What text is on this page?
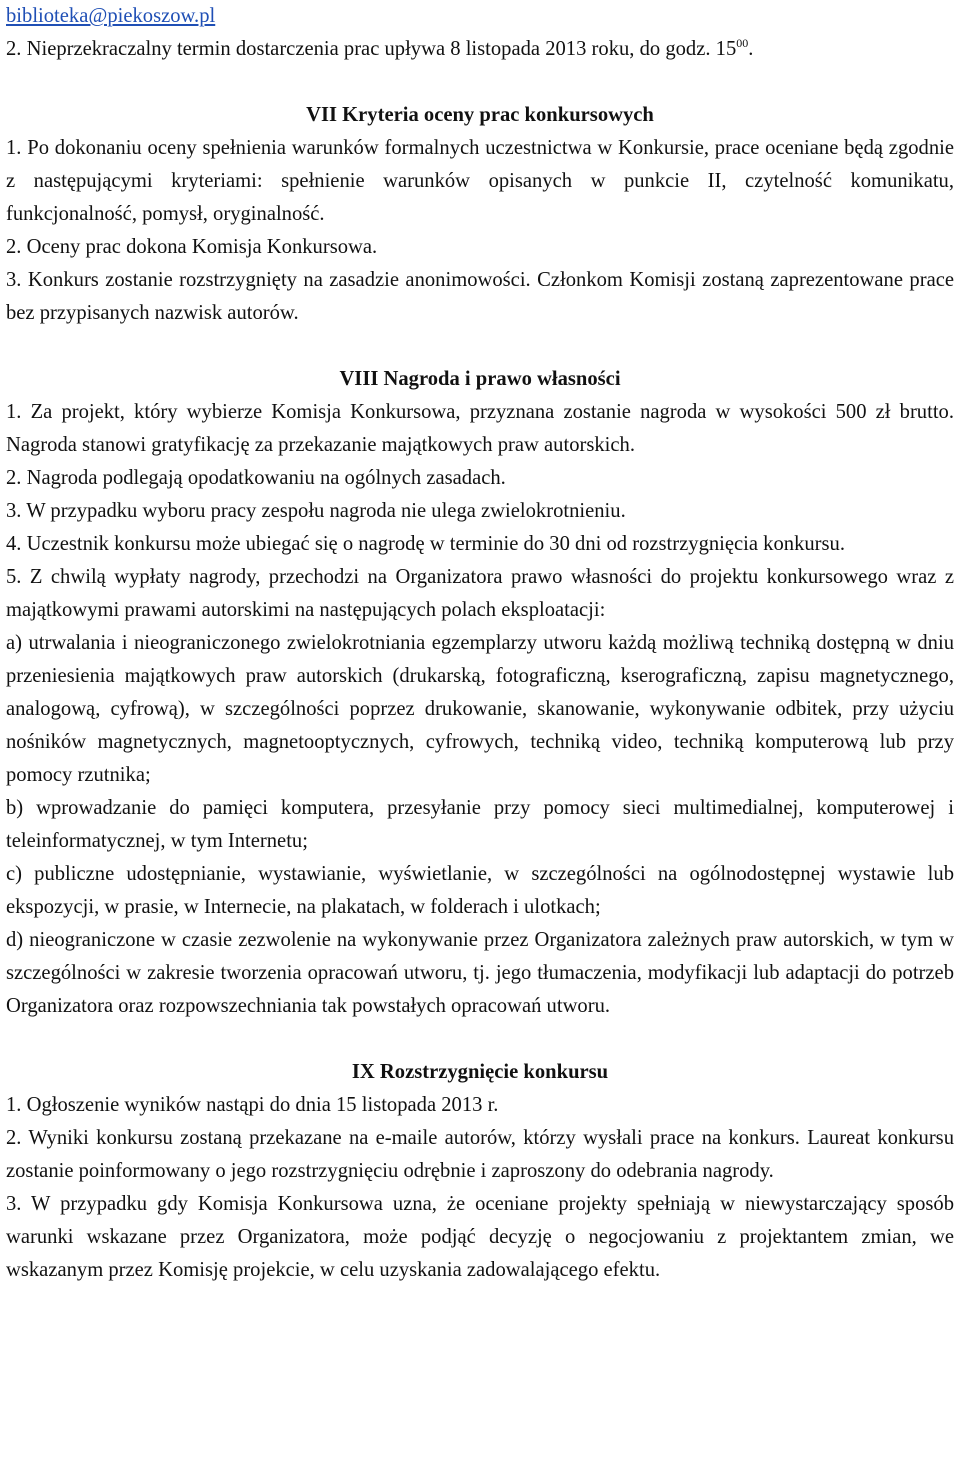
biblioteka@piekoszow.pl

2. Nieprzekraczalny termin dostarczenia prac upływa 8 listopada 2013 roku, do godz. $15^{00}$.

VII Kryteria oceny prac konkursowych

1. Po dokonaniu oceny spełnienia warunków formalnych uczestnictwa w Konkursie, prace oceniane będą zgodnie z następującymi kryteriami: spełnienie warunków opisanych w punkcie II, czytelność komunikatu, funkcjonalność, pomysł, oryginalność.

2. Oceny prac dokona Komisja Konkursowa.

3. Konkurs zostanie rozstrzygnięty na zasadzie anonimowości. Członkom Komisji zostaną zaprezentowane prace bez przypisanych nazwisk autorów.

VIII Nagroda i prawo własności

1. Za projekt, który wybierze Komisja Konkursowa, przyznana zostanie nagroda w wysokości 500 zł brutto. Nagroda stanowi gratyfikację za przekazanie majątkowych praw autorskich.

2. Nagroda podlegają opodatkowaniu na ogólnych zasadach.

3. W przypadku wyboru pracy zespołu nagroda nie ulega zwielokrotnieniu.

4. Uczestnik konkursu może ubiegać się o nagrodę w terminie do 30 dni od rozstrzygnięcia konkursu.

5. Z chwilą wypłaty nagrody, przechodzi na Organizatora prawo własności do projektu konkursowego wraz z majątkowymi prawami autorskimi na następujących polach eksploatacji:

a) utrwalania i nieograniczonego zwielokrotniania egzemplarzy utworu każdą możliwą techniką dostępną w dniu przeniesienia majątkowych praw autorskich (drukarską, fotograficzną, kserograficzną, zapisu magnetycznego, analogową, cyfrową), w szczególności poprzez drukowanie, skanowanie, wykonywanie odbitek, przy użyciu nośników magnetycznych, magnetooptycznych, cyfrowych, techniką video, techniką komputerową lub przy pomocy rzutnika;

b) wprowadzanie do pamięci komputera, przesyłanie przy pomocy sieci multimedialnej, komputerowej i teleinformatycznej, w tym Internetu;

c) publiczne udostępnianie, wystawianie, wyświetlanie, w szczególności na ogólnodostępnej wystawie lub ekspozycji, w prasie, w Internecie, na plakatach, w folderach i ulotkach;

d) nieograniczone w czasie zezwolenie na wykonywanie przez Organizatora zależnych praw autorskich, w tym w szczególności w zakresie tworzenia opracowań utworu, tj. jego tłumaczenia, modyfikacji lub adaptacji do potrzeb Organizatora oraz rozpowszechniania tak powstałych opracowań utworu.

IX Rozstrzygnięcie konkursu

1. Ogłoszenie wyników nastąpi do dnia 15 listopada 2013 r.

2. Wyniki konkursu zostaną przekazane na e-maile autorów, którzy wysłali prace na konkurs. Laureat konkursu zostanie poinformowany o jego rozstrzygnięciu odrębnie i zaproszony do odebrania nagrody.

3. W przypadku gdy Komisja Konkursowa uzna, że oceniane projekty spełniają w niewystarczający sposób warunki wskazane przez Organizatora, może podjąć decyzję o negocjowaniu z projektantem zmian, we wskazanym przez Komisję projekcie, w celu uzyskania zadowalającego efektu.
